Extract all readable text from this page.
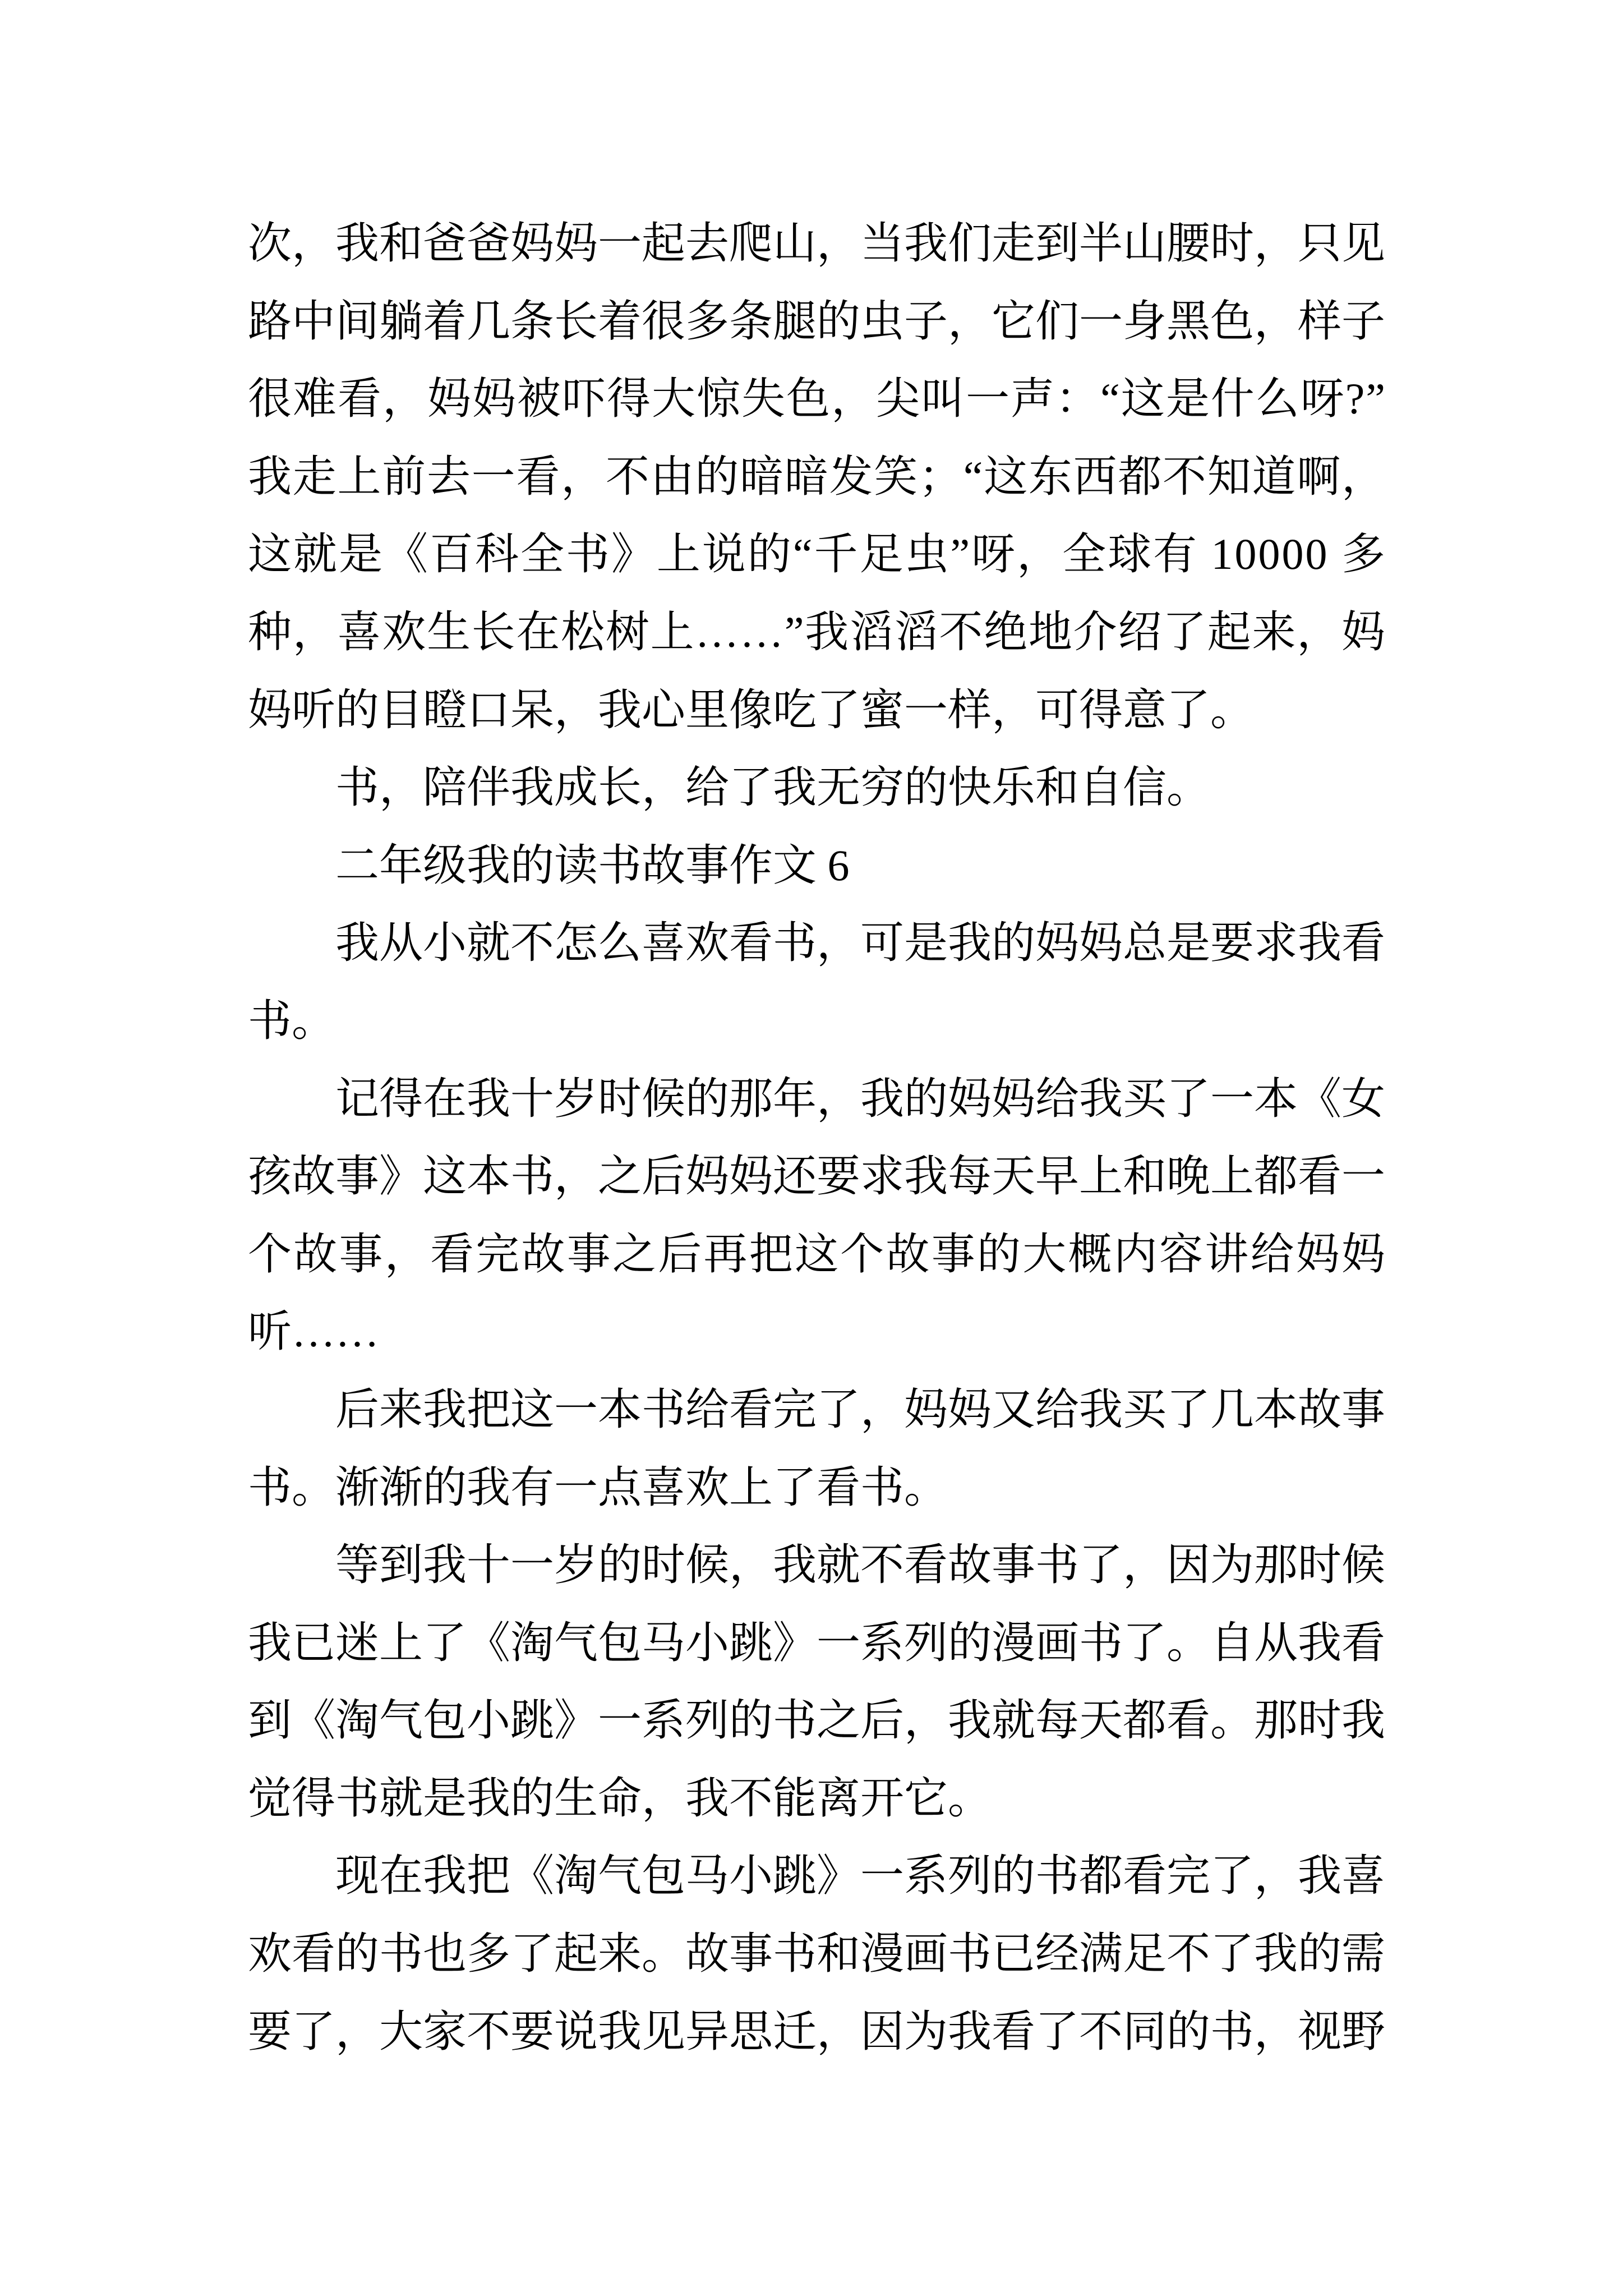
次，我和爸爸妈妈一起去爬山，当我们走到半山腰时，只见
路中间躺着几条长着很多条腿的虫子，它们一身黑色，样子
很难看，妈妈被吓得大惊失色，尖叫一声：“这是什么呀?”
我走上前去一看，不由的暗暗发笑；“这东西都不知道啊，
这就是《百科全书》上说的“千足虫”呀，全球有 10000 多
种，喜欢生长在松树上……”我滔滔不绝地介绍了起来，妈
妈听的目瞪口呆，我心里像吃了蜜一样，可得意了。
书，陪伴我成长，给了我无穷的快乐和自信。
二年级我的读书故事作文 6
我从小就不怎么喜欢看书，可是我的妈妈总是要求我看
书。
记得在我十岁时候的那年，我的妈妈给我买了一本《女
孩故事》这本书，之后妈妈还要求我每天早上和晚上都看一
个故事，看完故事之后再把这个故事的大概内容讲给妈妈
听……
后来我把这一本书给看完了，妈妈又给我买了几本故事
书。渐渐的我有一点喜欢上了看书。
等到我十一岁的时候，我就不看故事书了，因为那时候
我已迷上了《淘气包马小跳》一系列的漫画书了。自从我看
到《淘气包小跳》一系列的书之后，我就每天都看。那时我
觉得书就是我的生命，我不能离开它。
现在我把《淘气包马小跳》一系列的书都看完了，我喜
欢看的书也多了起来。故事书和漫画书已经满足不了我的需
要了，大家不要说我见异思迁，因为我看了不同的书，视野
